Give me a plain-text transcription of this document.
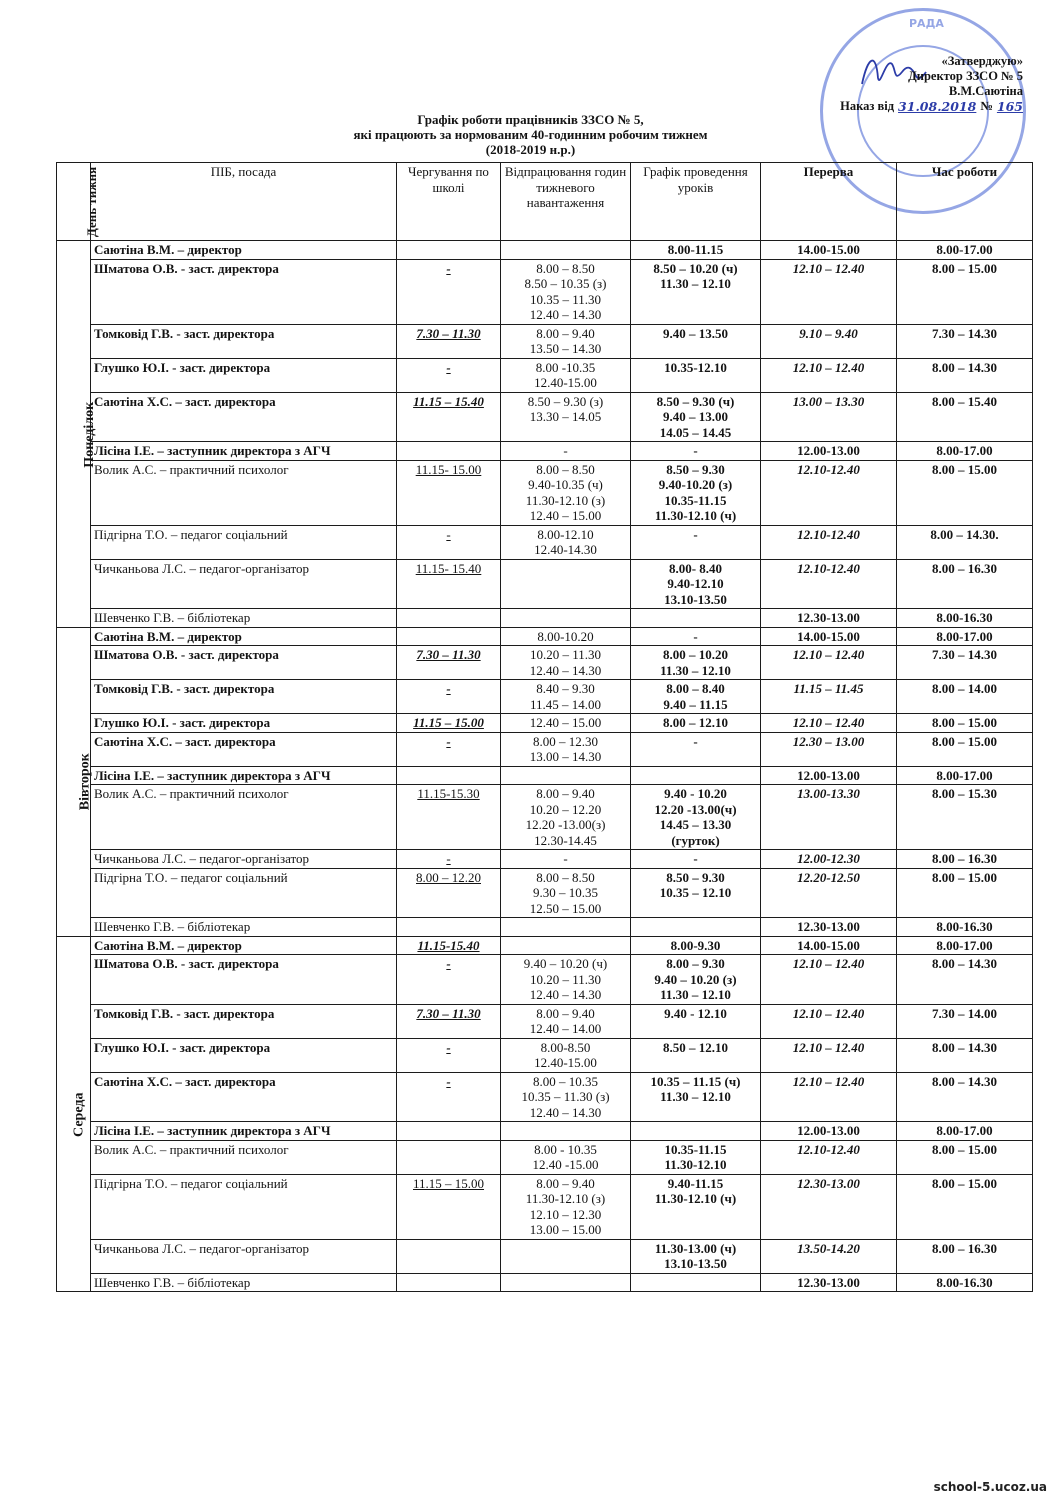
РАДА
«Затверджую»
Директор ЗЗСО № 5
В.М.Саютіна
Наказ від 31.08.2018 № 165
Графік роботи працівників ЗЗСО № 5,
які працюють за нормованим 40-годинним робочим тижнем
(2018-2019 н.р.)
День тижня	ПІБ, посада	Чергування по школі	Відпрацювання годин тижневого навантаження	Графік проведення уроків	Перерва	Час роботи
Понеділок	Саютіна В.М. – директор			8.00-11.15	14.00-15.00	8.00-17.00
	Шматова О.В. - заст. директора	-	8.00 – 8.50
8.50 – 10.35 (з)
10.35 – 11.30
12.40 – 14.30	8.50 – 10.20 (ч)
11.30 – 12.10	12.10 – 12.40	8.00 – 15.00
	Томковід Г.В. - заст. директора	7.30 – 11.30	8.00 – 9.40
13.50 – 14.30	9.40 – 13.50	9.10 – 9.40	7.30 – 14.30
	Глушко Ю.І. - заст. директора	-	8.00 -10.35
12.40-15.00	10.35-12.10	12.10 – 12.40	8.00 – 14.30
	Саютіна Х.С. – заст. директора	11.15 – 15.40	8.50 – 9.30 (з)
13.30 – 14.05	8.50 – 9.30 (ч)
9.40 – 13.00
14.05 – 14.45	13.00 – 13.30	8.00 – 15.40
	Лісіна І.Е. – заступник директора з АГЧ		-	-	12.00-13.00	8.00-17.00
	Волик А.С. – практичний психолог	11.15- 15.00	8.00 – 8.50
9.40-10.35 (ч)
11.30-12.10 (з)
12.40 – 15.00	8.50 – 9.30
9.40-10.20 (з)
10.35-11.15
11.30-12.10 (ч)	12.10-12.40	8.00 – 15.00
	Підгірна Т.О. – педагог соціальний	-	8.00-12.10
12.40-14.30	-	12.10-12.40	8.00 – 14.30.
	Чичканьова Л.С. – педагог-організатор	11.15- 15.40		8.00- 8.40
9.40-12.10
13.10-13.50	12.10-12.40	8.00 – 16.30
	Шевченко Г.В. – бібліотекар				12.30-13.00	8.00-16.30
Вівторок	Саютіна В.М. – директор		8.00-10.20	-	14.00-15.00	8.00-17.00
	Шматова О.В. - заст. директора	7.30 – 11.30	10.20 – 11.30
12.40 – 14.30	8.00 – 10.20
11.30 – 12.10	12.10 – 12.40	7.30 – 14.30
	Томковід Г.В. - заст. директора	-	8.40 – 9.30
11.45 – 14.00	8.00 – 8.40
9.40 – 11.15	11.15 – 11.45	8.00 – 14.00
	Глушко Ю.І. - заст. директора	11.15 – 15.00	12.40 – 15.00	8.00 – 12.10	12.10 – 12.40	8.00 – 15.00
	Саютіна Х.С. – заст. директора	-	8.00 – 12.30
13.00 – 14.30	-	12.30 – 13.00	8.00 – 15.00
	Лісіна І.Е. – заступник директора з АГЧ				12.00-13.00	8.00-17.00
	Волик А.С. – практичний психолог	11.15-15.30	8.00 – 9.40
10.20 – 12.20
12.20 -13.00(з)
12.30-14.45	9.40 - 10.20
12.20 -13.00(ч)
14.45 – 13.30
(гурток)	13.00-13.30	8.00 – 15.30
	Чичканьова Л.С. – педагог-організатор	-	-	-	12.00-12.30	8.00 – 16.30
	Підгірна Т.О. – педагог соціальний	8.00 – 12.20	8.00 – 8.50
9.30 – 10.35
12.50 – 15.00	8.50 – 9.30
10.35 – 12.10	12.20-12.50	8.00 – 15.00
	Шевченко Г.В. – бібліотекар				12.30-13.00	8.00-16.30
Середа	Саютіна В.М. – директор	11.15-15.40		8.00-9.30	14.00-15.00	8.00-17.00
	Шматова О.В. - заст. директора	-	9.40 – 10.20 (ч)
10.20 – 11.30
12.40 – 14.30	8.00 – 9.30
9.40 – 10.20 (з)
11.30 – 12.10	12.10 – 12.40	8.00 – 14.30
	Томковід Г.В. - заст. директора	7.30 – 11.30	8.00 – 9.40
12.40 – 14.00	9.40 - 12.10	12.10 – 12.40	7.30 – 14.00
	Глушко Ю.І. - заст. директора	-	8.00-8.50
12.40-15.00	8.50 – 12.10	12.10 – 12.40	8.00 – 14.30
	Саютіна Х.С. – заст. директора	-	8.00 – 10.35
10.35 – 11.30 (з)
12.40 – 14.30	10.35 – 11.15 (ч)
11.30 – 12.10	12.10 – 12.40	8.00 – 14.30
	Лісіна І.Е. – заступник директора з АГЧ				12.00-13.00	8.00-17.00
	Волик А.С. – практичний психолог		8.00 - 10.35
12.40 -15.00	10.35-11.15
11.30-12.10	12.10-12.40	8.00 – 15.00
	Підгірна Т.О. – педагог соціальний	11.15 – 15.00	8.00 – 9.40
11.30-12.10 (з)
12.10 – 12.30
13.00 – 15.00	9.40-11.15
11.30-12.10 (ч)	12.30-13.00	8.00 – 15.00
	Чичканьова Л.С. – педагог-організатор			11.30-13.00 (ч)
13.10-13.50	13.50-14.20	8.00 – 16.30
	Шевченко Г.В. – бібліотекар				12.30-13.00	8.00-16.30
school-5.ucoz.ua
